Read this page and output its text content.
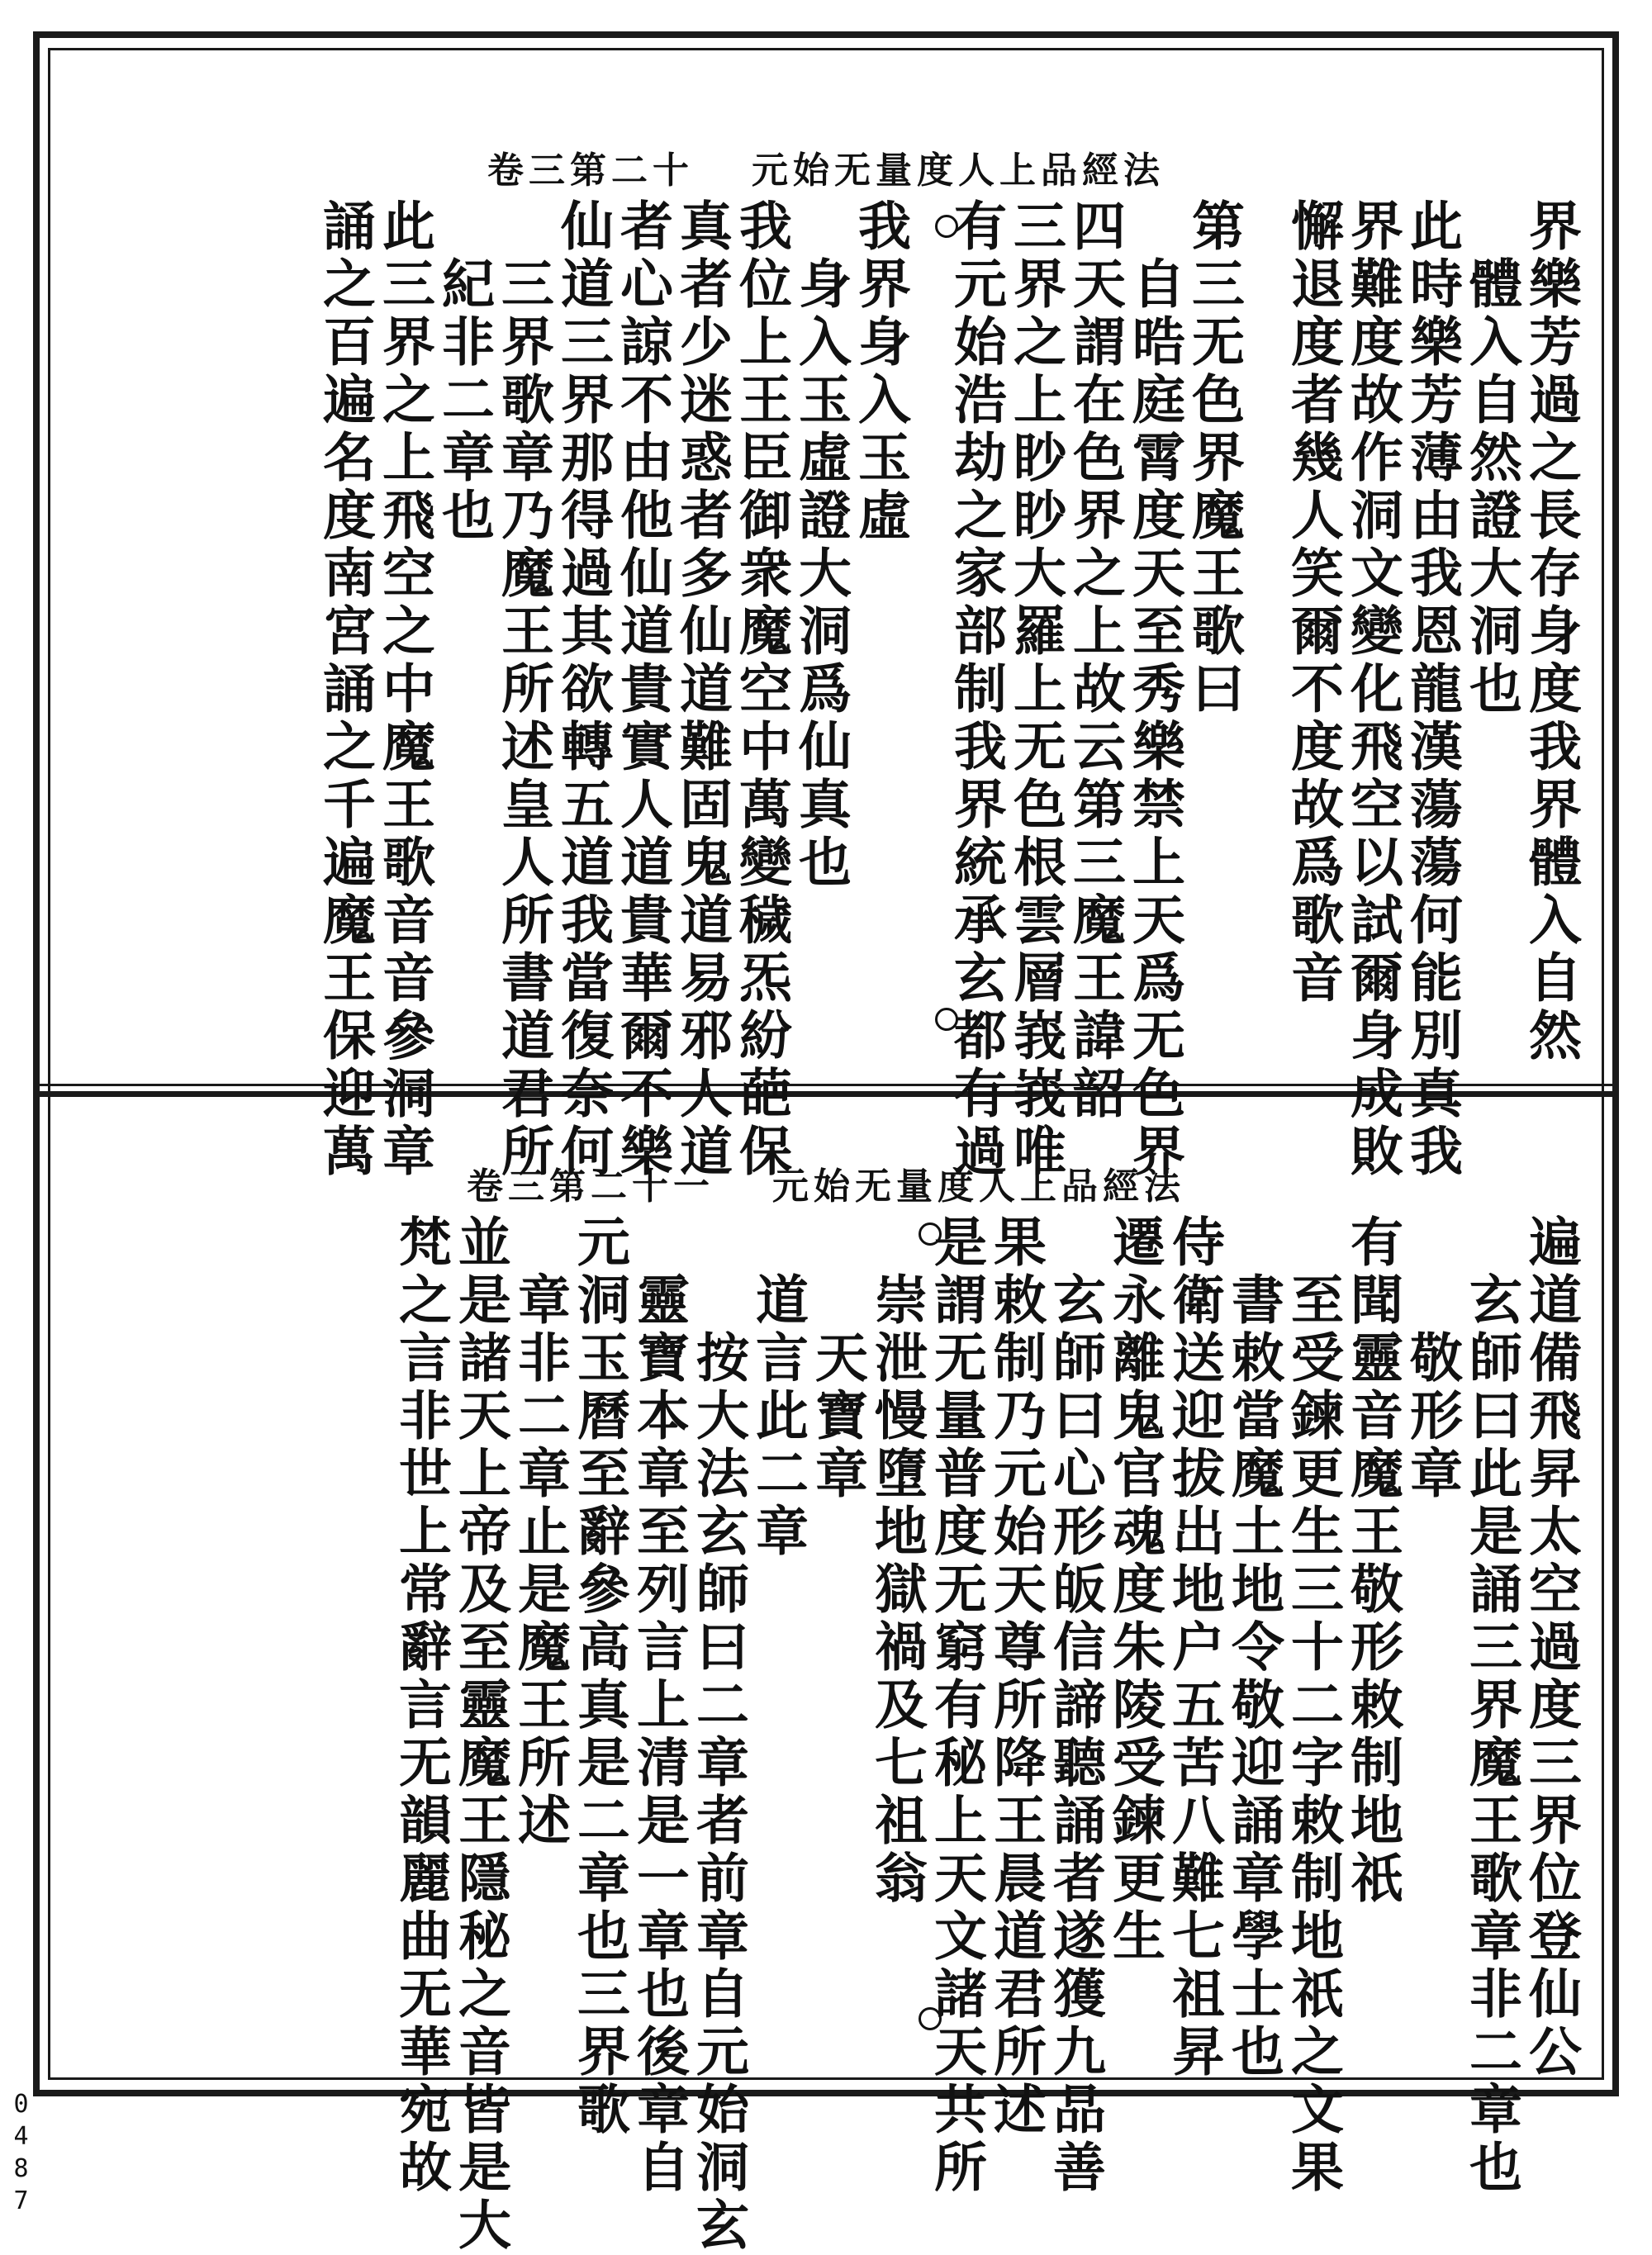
卷三第二十 元始无量度人上品經法
界樂芳過之長存身度我界體入自然
體入自然證大洞也
此時樂芳薄由我恩龍漢蕩蕩何能別真我
界難度故作洞文變化飛空以試爾身成敗
懈退度者幾人笑爾不度故爲歌音
第三无色界魔王歌曰
自晧庭霄度天至秀樂禁上天爲无色界
四天謂在色界之上故云第三魔王諱韶
三界之上眇眇大羅上无色根雲層峩峩唯
有元始浩劫之家部制我界統承玄都有過
我界身入玉虛
身入玉虛證大洞爲仙真也
我位上王臣御衆魔空中萬變穢炁紛葩保
真者少迷惑者多仙道難固鬼道易邪人道
者心諒不由他仙道貴實人道貴華爾不樂
仙道三界那得過其欲轉五道我當復奈何
三界歌章乃魔王所述皇人所書道君所
紀非二章也
此三界之上飛空之中魔王歌音音參洞章
誦之百遍名度南宮誦之千遍魔王保迎萬
卷三第二十一 元始无量度人上品經法
遍道備飛昇太空過度三界位登仙公
玄師曰此是誦三界魔王歌章非二章也
敬形章
有聞靈音魔王敬形敕制地祇
至受鍊更生三十二字敕制地祇之文果
書敕當魔土地令敬迎誦章學士也
侍衛送迎拔出地户五苦八難七祖昇
遷永離鬼官魂度朱陵受鍊更生
玄師曰心形皈信諦聽誦者遂獲九品善
果敕制乃元始天尊所降王晨道君所述
是謂无量普度无窮有秘上天文諸天共所
崇泄慢墮地獄禍及七祖翁
天寶章
道言此二章
按大法玄師曰二章者前章自元始洞玄
靈寶本章至列言上清是一章也後章自
元洞玉曆至辭參高真是二章也三界歌
章非二章止是魔王所述
並是諸天上帝及至靈魔王隱秘之音皆是大
梵之言非世上常辭言无韻麗曲无華宛故
0487
